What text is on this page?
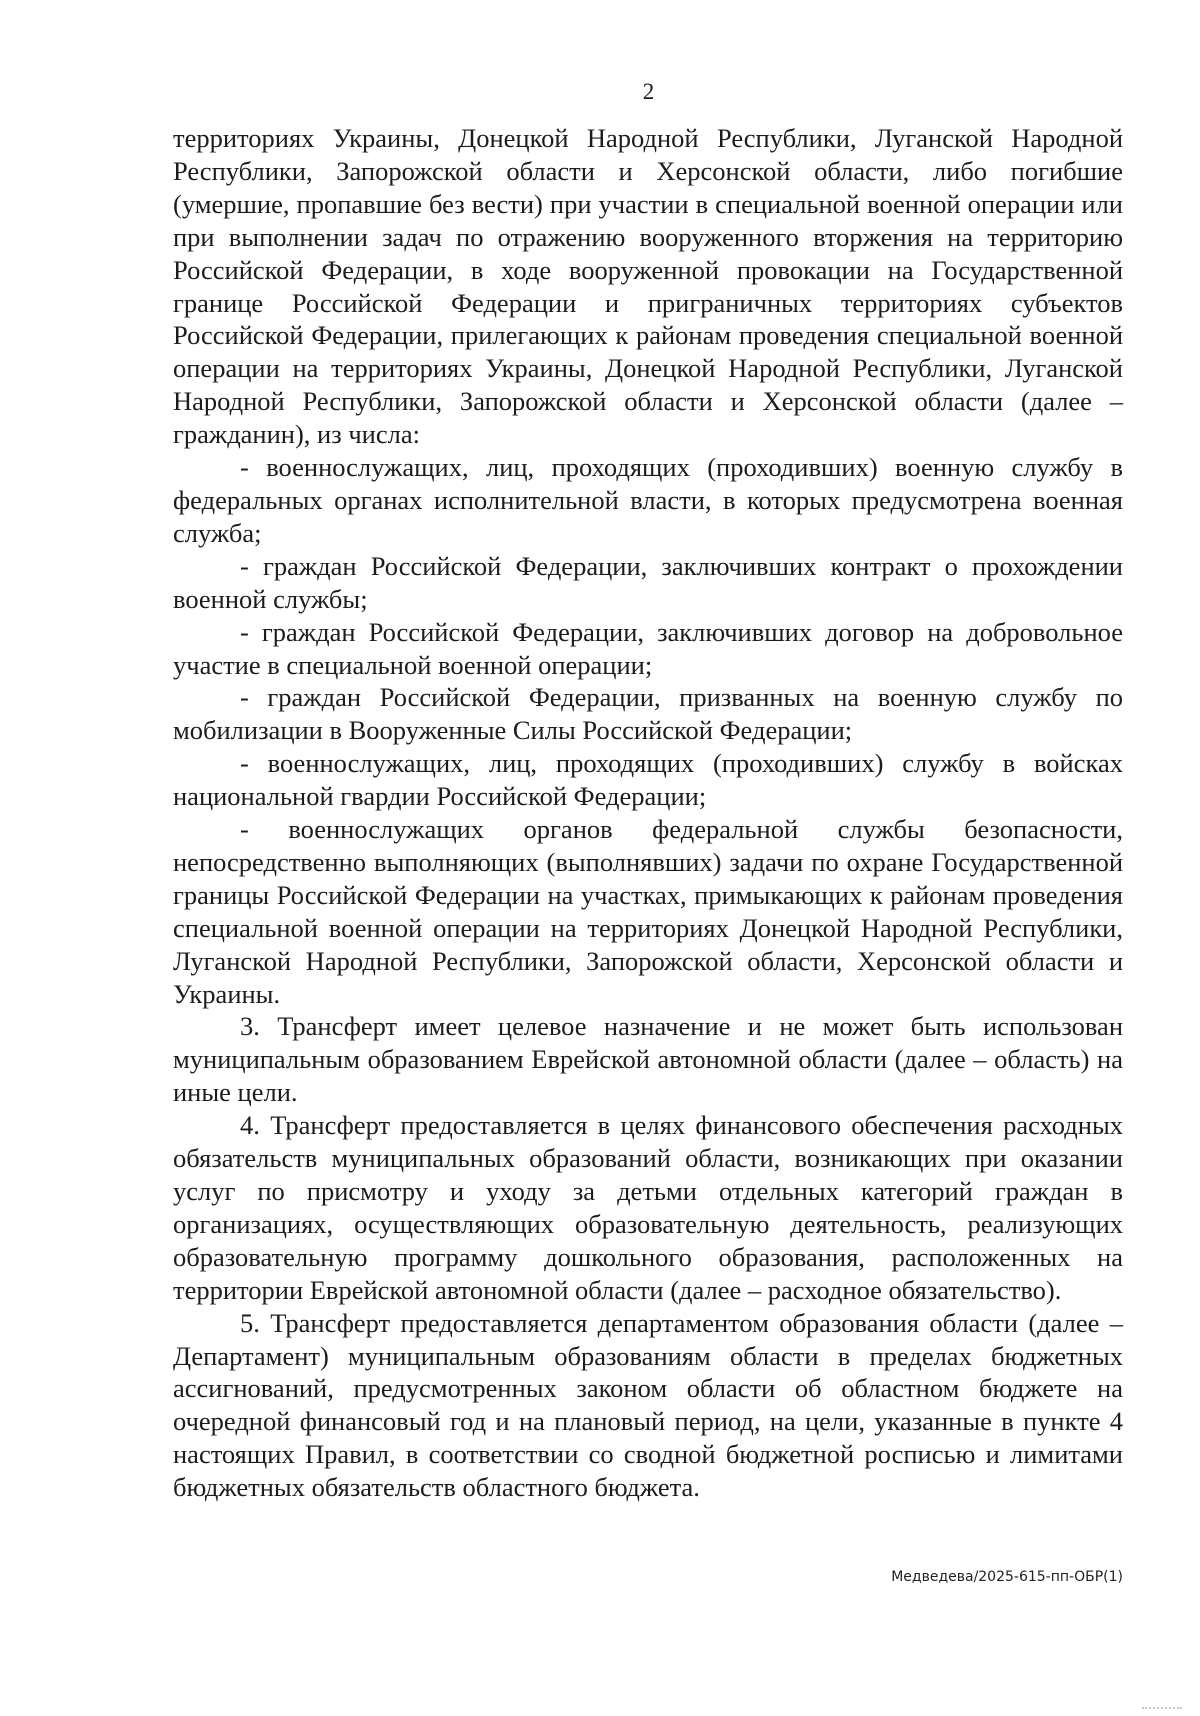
2

территориях Украины, Донецкой Народной Республики, Луганской Народной Республики, Запорожской области и Херсонской области, либо погибшие (умершие, пропавшие без вести) при участии в специальной военной операции или при выполнении задач по отражению вооруженного вторжения на территорию Российской Федерации, в ходе вооруженной провокации на Государственной границе Российской Федерации и приграничных территориях субъектов Российской Федерации, прилегающих к районам проведения специальной военной операции на территориях Украины, Донецкой Народной Республики, Луганской Народной Республики, Запорожской области и Херсонской области (далее – гражданин), из числа:

- военнослужащих, лиц, проходящих (проходивших) военную службу в федеральных органах исполнительной власти, в которых предусмотрена военная служба;

- граждан Российской Федерации, заключивших контракт о прохождении военной службы;

- граждан Российской Федерации, заключивших договор на добровольное участие в специальной военной операции;

- граждан Российской Федерации, призванных на военную службу по мобилизации в Вооруженные Силы Российской Федерации;

- военнослужащих, лиц, проходящих (проходивших) службу в войсках национальной гвардии Российской Федерации;

- военнослужащих органов федеральной службы безопасности, непосредственно выполняющих (выполнявших) задачи по охране Государственной границы Российской Федерации на участках, примыкающих к районам проведения специальной военной операции на территориях Донецкой Народной Республики, Луганской Народной Республики, Запорожской области, Херсонской области и Украины.

3. Трансферт имеет целевое назначение и не может быть использован муниципальным образованием Еврейской автономной области (далее – область) на иные цели.

4. Трансферт предоставляется в целях финансового обеспечения расходных обязательств муниципальных образований области, возникающих при оказании услуг по присмотру и уходу за детьми отдельных категорий граждан в организациях, осуществляющих образовательную деятельность, реализующих образовательную программу дошкольного образования, расположенных на территории Еврейской автономной области (далее – расходное обязательство).

5. Трансферт предоставляется департаментом образования области (далее – Департамент) муниципальным образованиям области в пределах бюджетных ассигнований, предусмотренных законом области об областном бюджете на очередной финансовый год и на плановый период, на цели, указанные в пункте 4 настоящих Правил, в соответствии со сводной бюджетной росписью и лимитами бюджетных обязательств областного бюджета.

Медведева/2025-615-пп-ОБР(1)
